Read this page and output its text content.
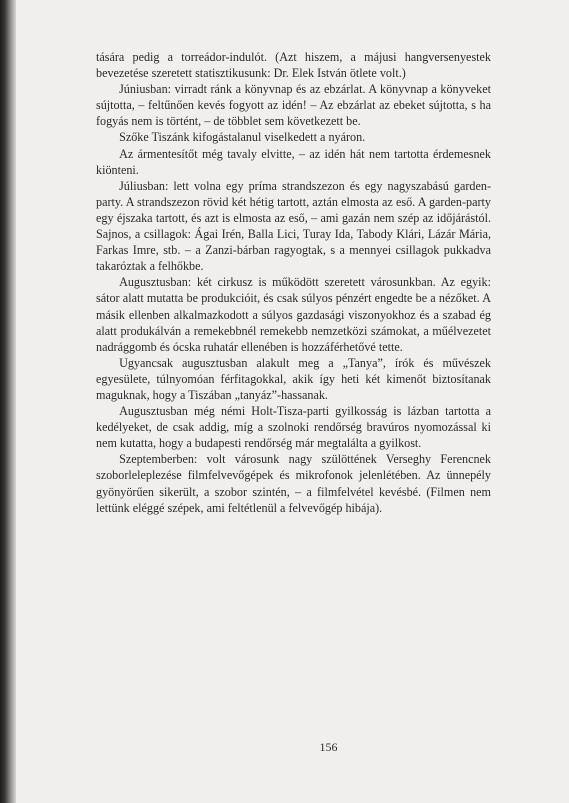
tására pedig a torreádor-indulót. (Azt hiszem, a májusi hangversenyestek bevezetése szeretett statisztikusunk: Dr. Elek István ötlete volt.)

Júniusban: virradt ránk a könyvnap és az ebzárlat. A könyvnap a könyveket sújtotta, – feltűnően kevés fogyott az idén! – Az ebzárlat az ebeket sújtotta, s ha fogyás nem is történt, – de többlet sem következett be.

Szőke Tiszánk kifogástalanul viselkedett a nyáron.

Az ármentesítőt még tavaly elvitte, – az idén hát nem tartotta érdemesnek kiönteni.

Júliusban: lett volna egy príma strandszezon és egy nagyszabású garden-party. A strandszezon rövid két hétig tartott, aztán elmosta az eső. A garden-party egy éjszaka tartott, és azt is elmosta az eső, – ami gazán nem szép az időjárástól. Sajnos, a csillagok: Ágai Irén, Balla Lici, Turay Ida, Tabody Klári, Lázár Mária, Farkas Imre, stb. – a Zanzi-bárban ragyogtak, s a mennyei csillagok pukkadva takaróztak a felhőkbe.

Augusztusban: két cirkusz is működött szeretett városunkban. Az egyik: sátor alatt mutatta be produkcióit, és csak súlyos pénzért engedte be a nézőket. A másik ellenben alkalmazkodott a súlyos gazdasági viszonyokhoz és a szabad ég alatt produkálván a remekebbnél remekebb nemzetközi számokat, a műélvezetet nadrággomb és ócska ruhatár ellenében is hozzáférhetővé tette.

Ugyancsak augusztusban alakult meg a „Tanya”, írók és művészek egyesülete, túlnyomóan férfitagokkal, akik így heti két kimenőt biztosítanak maguknak, hogy a Tiszában „tanyáz”-hassanak.

Augusztusban még némi Holt-Tisza-parti gyilkosság is lázban tartotta a kedélyeket, de csak addig, míg a szolnoki rendőrség bravúros nyomozással ki nem kutatta, hogy a budapesti rendőrség már megtalálta a gyilkost.

Szeptemberben: volt városunk nagy szülöttének Verseghy Ferencnek szoborleleplezése filmfelvevőgépek és mikrofonok jelenlétében. Az ünnepély gyönyörűen sikerült, a szobor szintén, – a filmfelvétel kevésbé. (Filmen nem lettünk eléggé szépek, ami feltétlenül a felvevőgép hibája).

156
